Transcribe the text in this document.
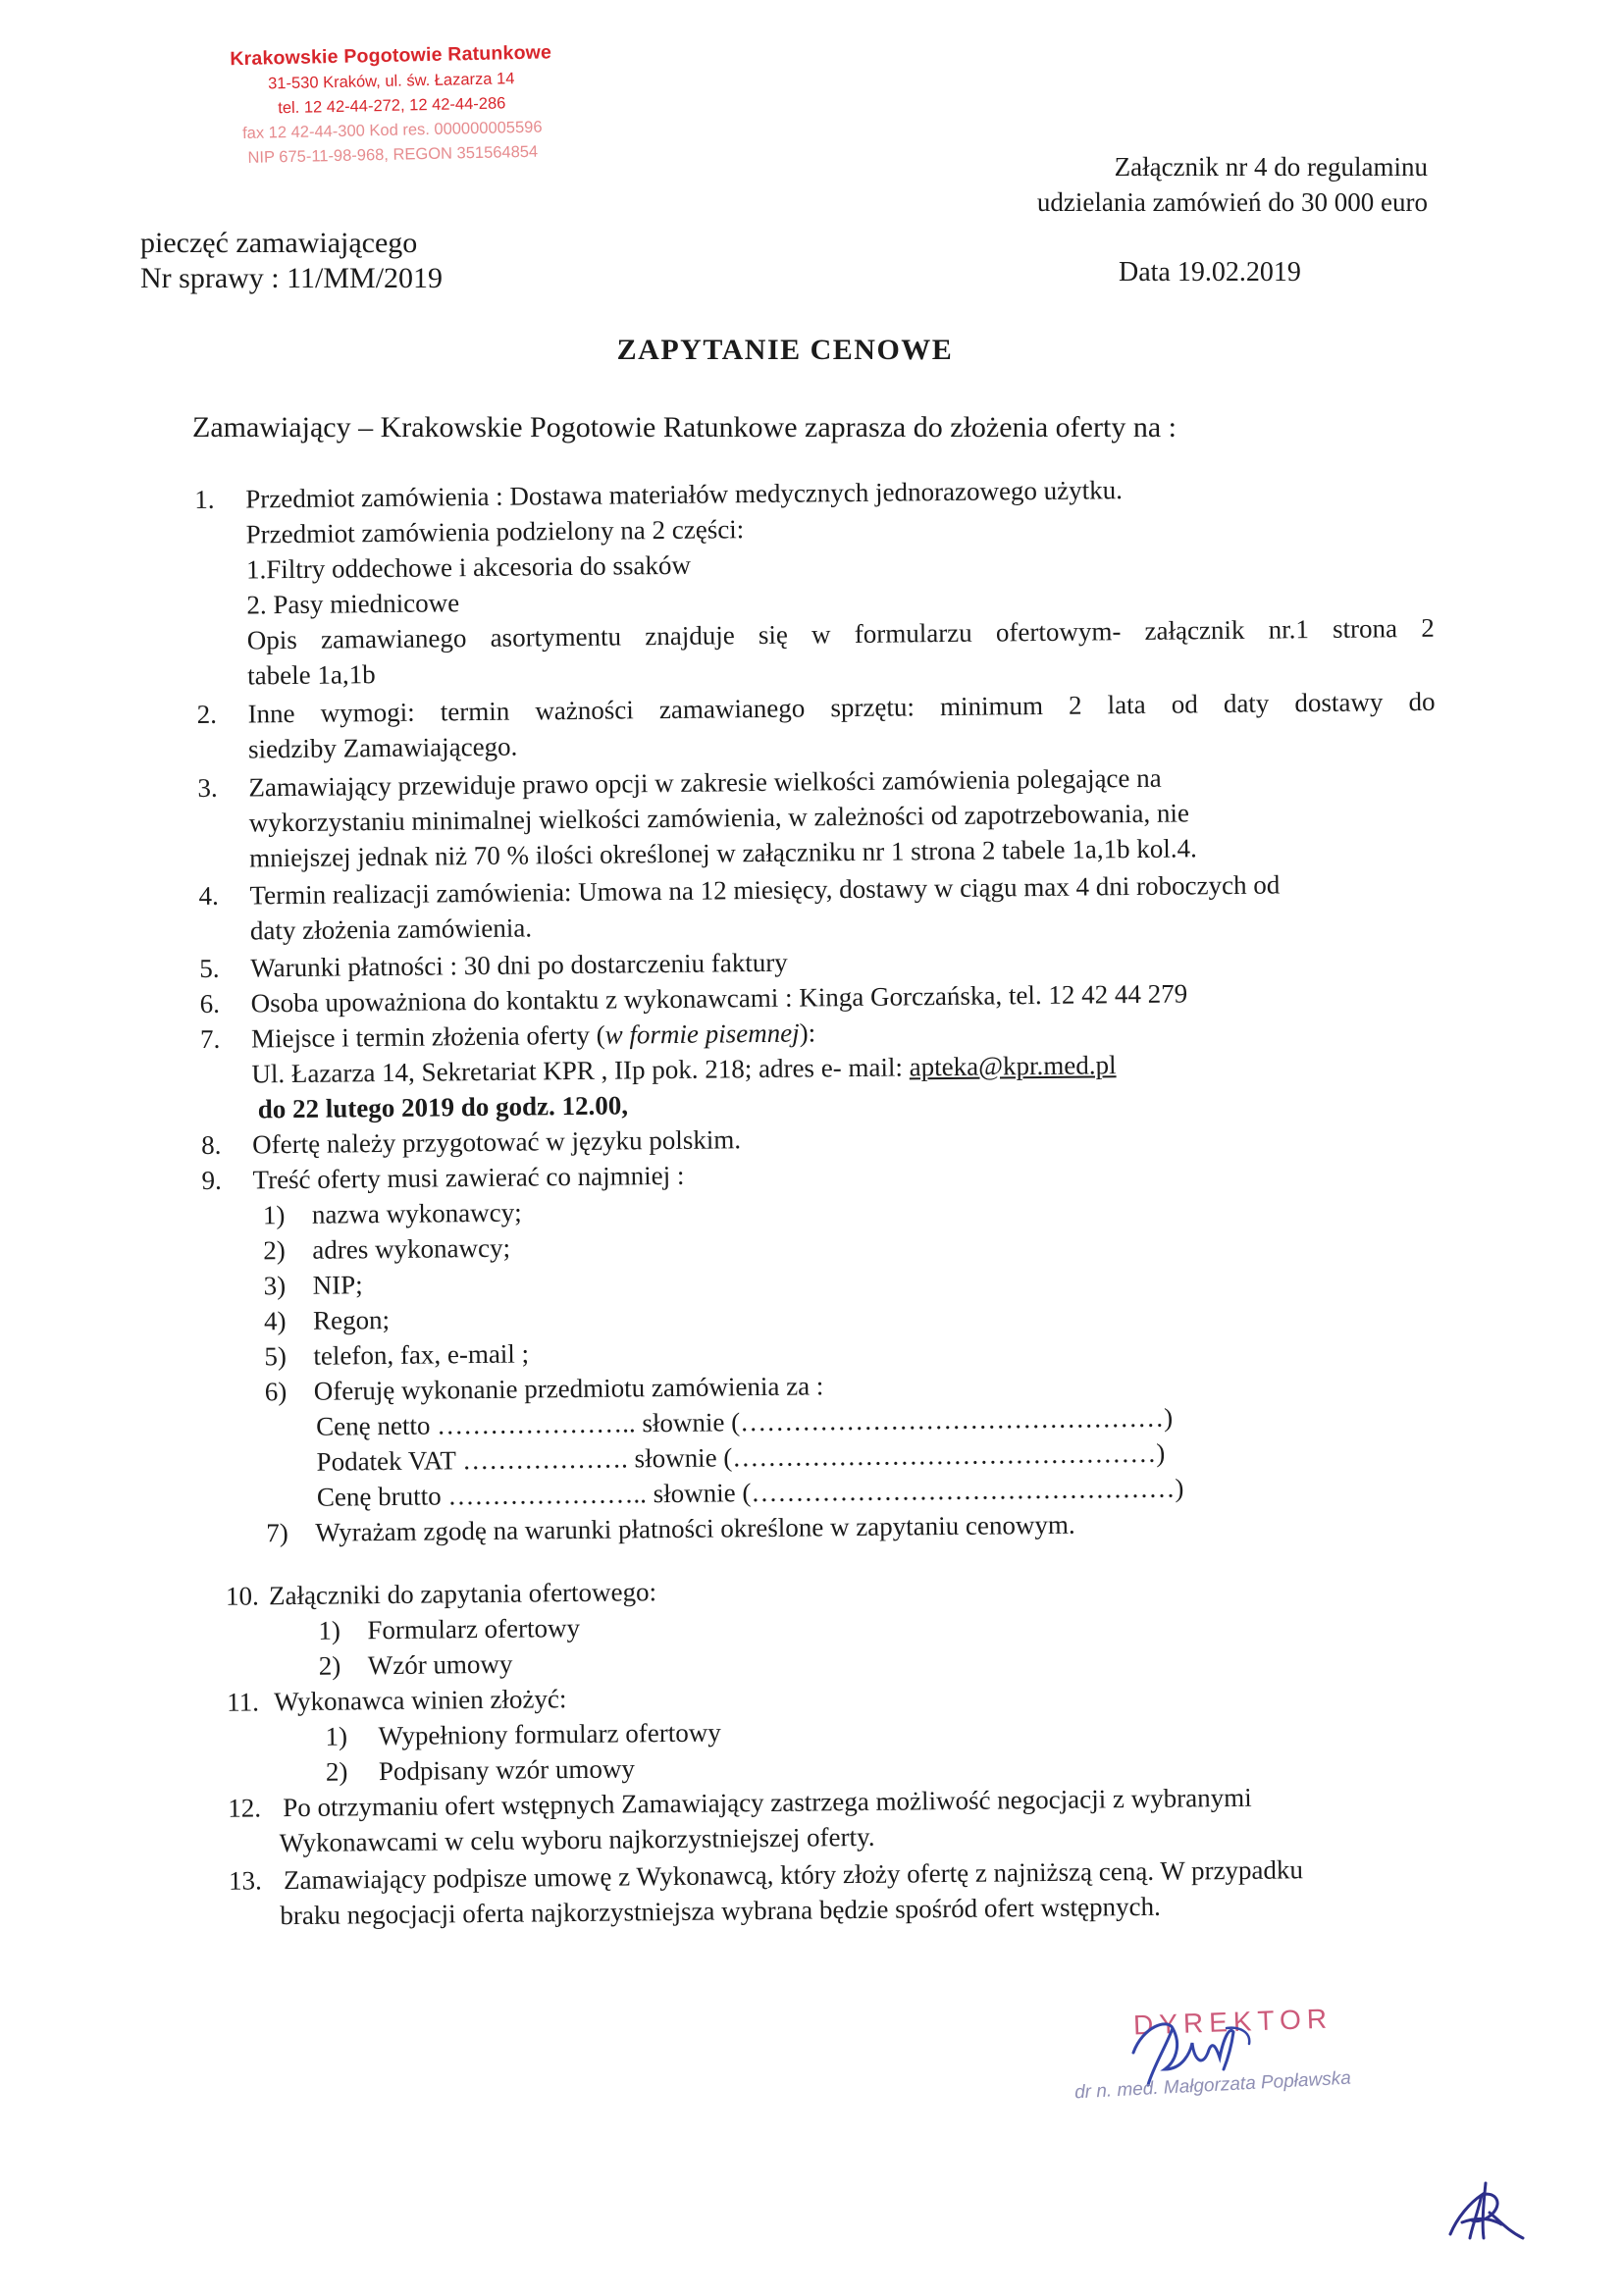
Krakowskie Pogotowie Ratunkowe
31-530 Kraków, ul. św. Łazarza 14
tel. 12 42-44-272, 12 42-44-286
fax 12 42-44-300 Kod res. 000000005596
NIP 675-11-98-968, REGON 351564854	Załącznik nr 4 do regulaminu
udzielania zamówień do 30 000 euro
pieczęć zamawiającego
Nr sprawy : 11/MM/2019	Data 19.02.2019
ZAPYTANIE CENOWE
Zamawiający – Krakowskie Pogotowie Ratunkowe zaprasza do złożenia oferty na :
1. Przedmiot zamówienia : Dostawa materiałów medycznych jednorazowego użytku.
Przedmiot zamówienia podzielony na 2 części:
1.Filtry oddechowe i akcesoria do ssaków
2. Pasy miednicowe
Opis zamawianego asortymentu znajduje się w formularzu ofertowym- załącznik nr.1 strona 2
tabele 1a,1b
2. Inne wymogi: termin ważności zamawianego sprzętu: minimum 2 lata od daty dostawy do
siedziby Zamawiającego.
3. Zamawiający przewiduje prawo opcji w zakresie wielkości zamówienia polegające na
wykorzystaniu minimalnej wielkości zamówienia, w zależności od zapotrzebowania, nie
mniejszej jednak niż 70 % ilości określonej w załączniku nr 1 strona 2 tabele 1a,1b kol.4.
4. Termin realizacji zamówienia: Umowa na 12 miesięcy, dostawy w ciągu max 4 dni roboczych od
daty złożenia zamówienia.
5. Warunki płatności : 30 dni po dostarczeniu faktury
6. Osoba upoważniona do kontaktu z wykonawcami : Kinga Gorczańska, tel. 12 42 44 279
7. Miejsce i termin złożenia oferty (w formie pisemnej):
Ul. Łazarza 14, Sekretariat KPR , IIp pok. 218; adres e- mail: apteka@kpr.med.pl
do 22 lutego 2019 do godz. 12.00,
8. Ofertę należy przygotować w języku polskim.
9. Treść oferty musi zawierać co najmniej :
1) nazwa wykonawcy;
2) adres wykonawcy;
3) NIP;
4) Regon;
5) telefon, fax, e-mail ;
6) Oferuję wykonanie przedmiotu zamówienia za :
Cenę netto ………………….. słownie (…………………………………………)
Podatek VAT ………………. słownie (…………………………………………)
Cenę brutto ………………….. słownie (…………………………………………)
7) Wyrażam zgodę na warunki płatności określone w zapytaniu cenowym.
10. Załączniki do zapytania ofertowego:
1) Formularz ofertowy
2) Wzór umowy
11. Wykonawca winien złożyć:
1) Wypełniony formularz ofertowy
2) Podpisany wzór umowy
12. Po otrzymaniu ofert wstępnych Zamawiający zastrzega możliwość negocjacji z wybranymi
Wykonawcami w celu wyboru najkorzystniejszej oferty.
13. Zamawiający podpisze umowę z Wykonawcą, który złoży ofertę z najniższą ceną. W przypadku
braku negocjacji oferta najkorzystniejsza wybrana będzie spośród ofert wstępnych.
DYREKTOR
dr n. med. Małgorzata Popławska
